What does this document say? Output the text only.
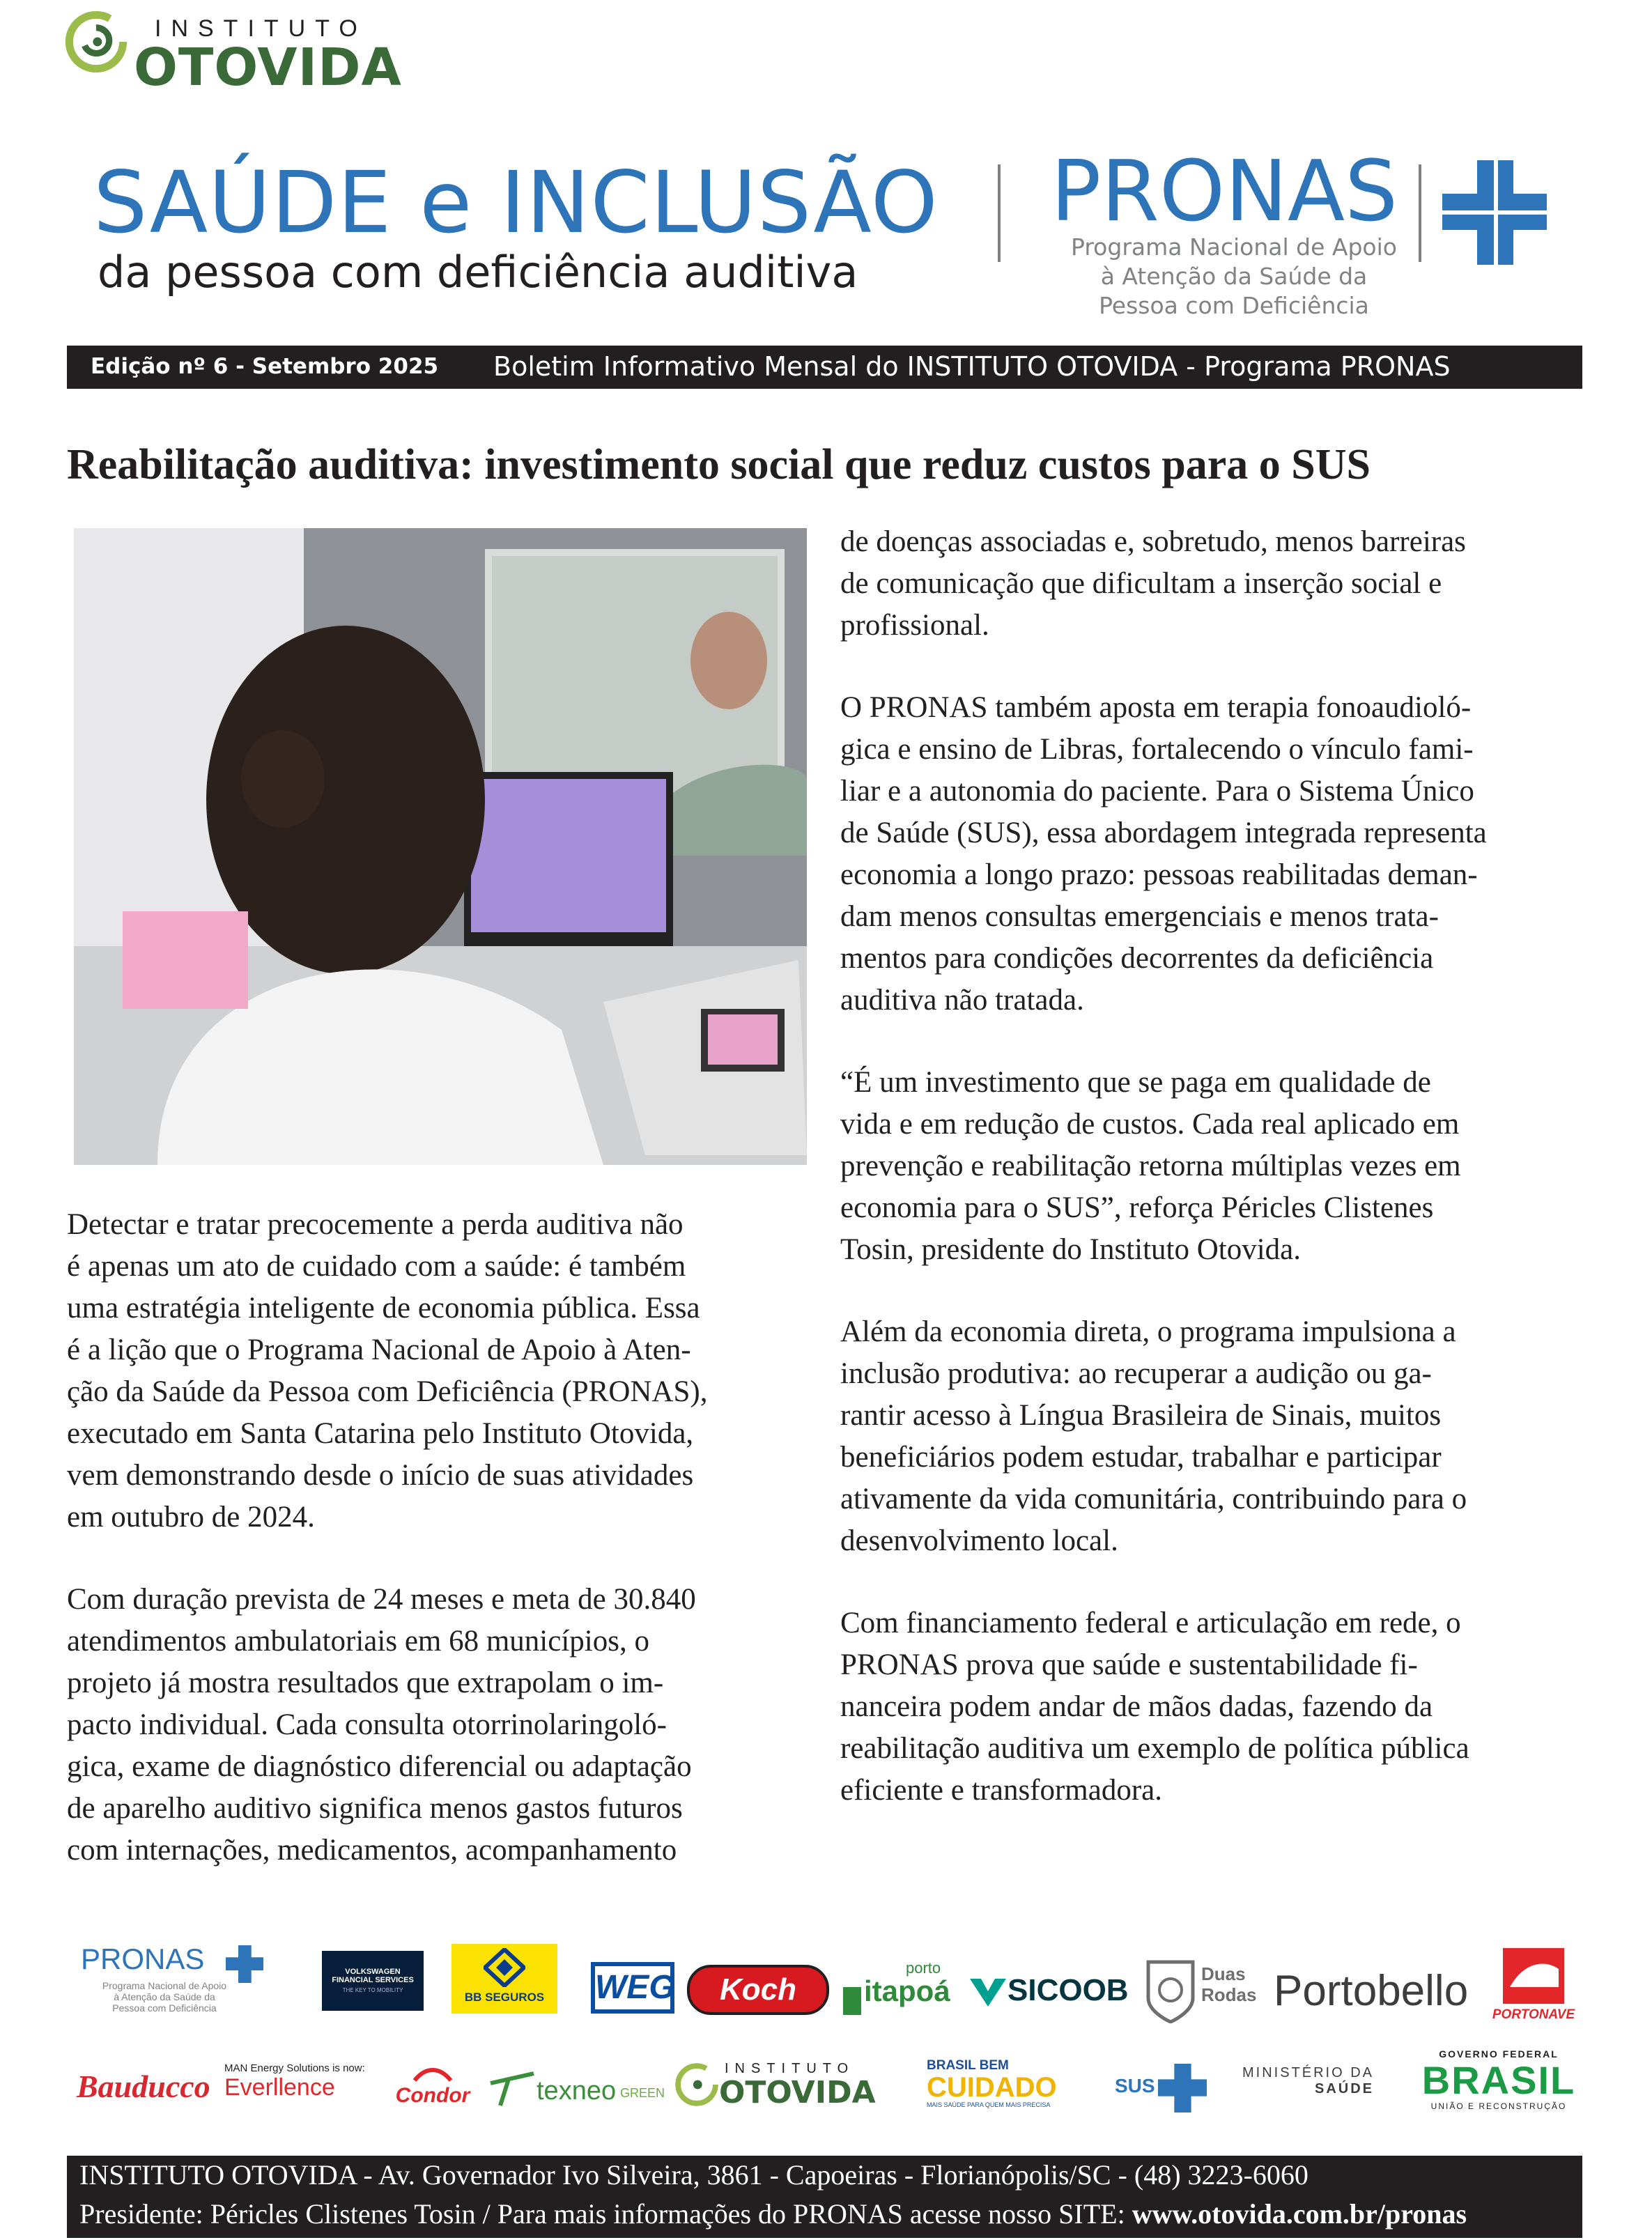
INSTITUTO
OTOVIDA
SAÚDE e INCLUSÃO
da pessoa com deficiência auditiva
PRONAS
Programa Nacional de Apoio
à Atenção da Saúde da
Pessoa com Deficiência
Edição nº 6 - Setembro 2025 Boletim Informativo Mensal do INSTITUTO OTOVIDA - Programa PRONAS
Reabilitação auditiva: investimento social que reduz custos para o SUS
Detectar e tratar precocemente a perda auditiva não
é apenas um ato de cuidado com a saúde: é também
uma estratégia inteligente de economia pública. Essa
é a lição que o Programa Nacional de Apoio à Aten-
ção da Saúde da Pessoa com Deficiência (PRONAS),
executado em Santa Catarina pelo Instituto Otovida,
vem demonstrando desde o início de suas atividades
em outubro de 2024.
Com duração prevista de 24 meses e meta de 30.840
atendimentos ambulatoriais em 68 municípios, o
projeto já mostra resultados que extrapolam o im-
pacto individual. Cada consulta otorrinolaringoló-
gica, exame de diagnóstico diferencial ou adaptação
de aparelho auditivo significa menos gastos futuros
com internações, medicamentos, acompanhamento
de doenças associadas e, sobretudo, menos barreiras
de comunicação que dificultam a inserção social e
profissional.
O PRONAS também aposta em terapia fonoaudioló-
gica e ensino de Libras, fortalecendo o vínculo fami-
liar e a autonomia do paciente. Para o Sistema Único
de Saúde (SUS), essa abordagem integrada representa
economia a longo prazo: pessoas reabilitadas deman-
dam menos consultas emergenciais e menos trata-
mentos para condições decorrentes da deficiência
auditiva não tratada.
“É um investimento que se paga em qualidade de
vida e em redução de custos. Cada real aplicado em
prevenção e reabilitação retorna múltiplas vezes em
economia para o SUS”, reforça Péricles Clistenes
Tosin, presidente do Instituto Otovida.
Além da economia direta, o programa impulsiona a
inclusão produtiva: ao recuperar a audição ou ga-
rantir acesso à Língua Brasileira de Sinais, muitos
beneficiários podem estudar, trabalhar e participar
ativamente da vida comunitária, contribuindo para o
desenvolvimento local.
Com financiamento federal e articulação em rede, o
PRONAS prova que saúde e sustentabilidade fi-
nanceira podem andar de mãos dadas, fazendo da
reabilitação auditiva um exemplo de política pública
eficiente e transformadora.
PRONAS
Programa Nacional de Apoio
à Atenção da Saúde da
Pessoa com Deficiência
VOLKSWAGEN
FINANCIAL SERVICES
THE KEY TO MOBILITY
BB SEGUROS	WEG	Koch
porto
itapoá SICOOB	Duas
Rodas Portobello	PORTONAVE
Bauducco
MAN Energy Solutions is now:
Everllence	Condor	texneo GREEN
INSTITUTO
OTOVIDA
BRASIL BEM
CUIDADO
MAIS SAÚDE PARA QUEM MAIS PRECISA
SUS
MINISTÉRIO DA
SAÚDE
GOVERNO FEDERAL
BRASIL
UNIÃO E RECONSTRUÇÃO
INSTITUTO OTOVIDA - Av. Governador Ivo Silveira, 3861 - Capoeiras - Florianópolis/SC - (48) 3223-6060
Presidente: Péricles Clistenes Tosin / Para mais informações do PRONAS acesse nosso SITE: www.otovida.com.br/pronas
